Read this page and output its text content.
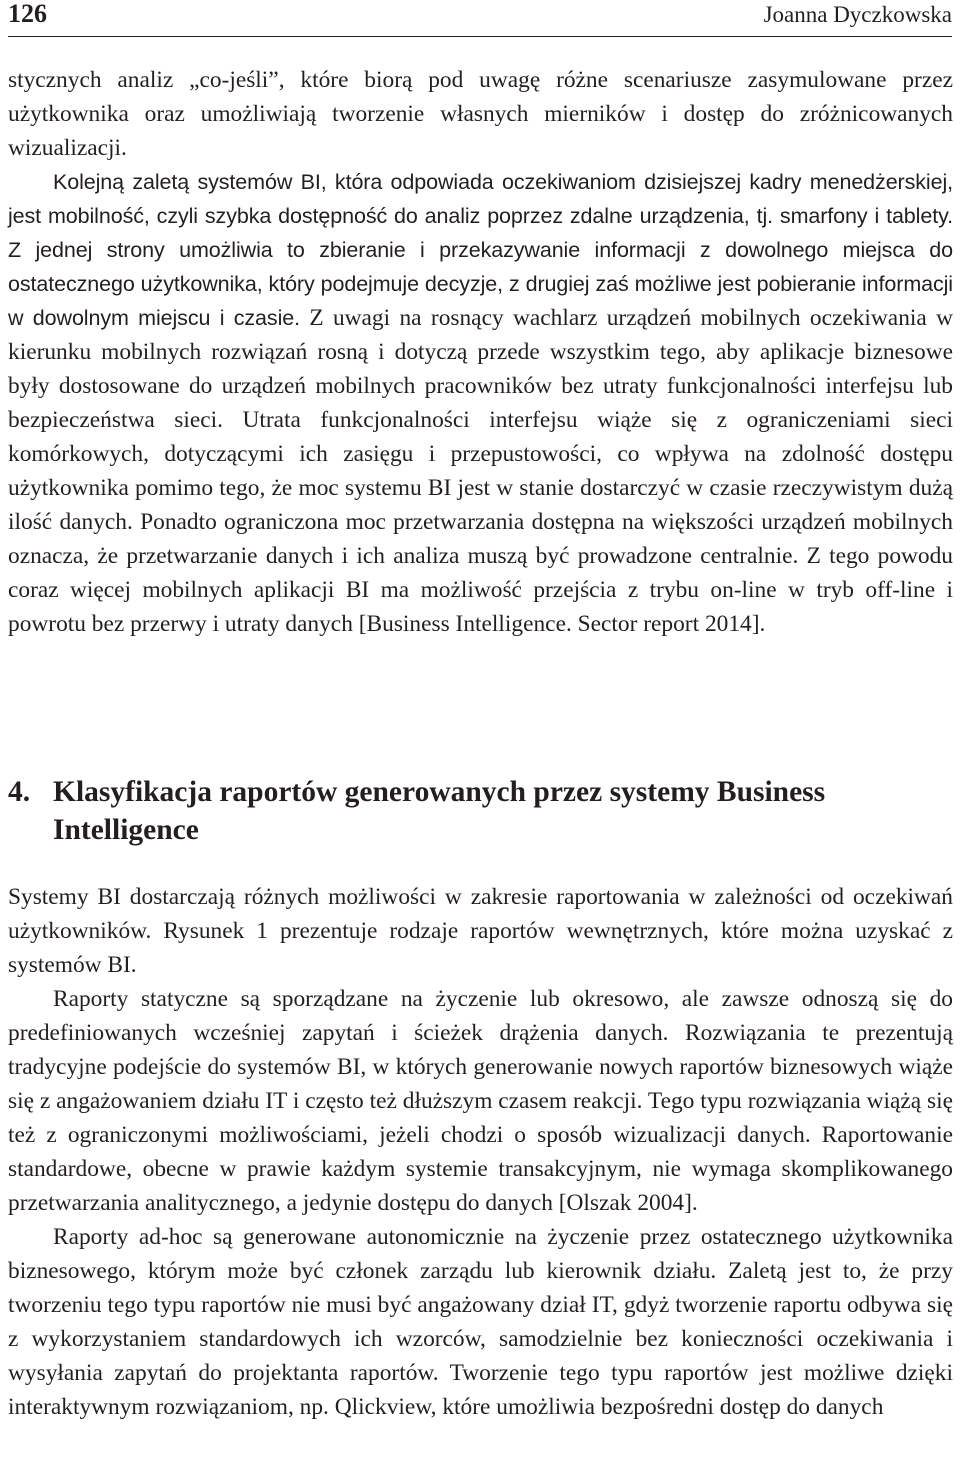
126	Joanna Dyczkowska

stycznych analiz „co-jeśli”, które biorą pod uwagę różne scenariusze zasymulowane przez użytkownika oraz umożliwiają tworzenie własnych mierników i dostęp do zróżnicowanych wizualizacji.

Kolejną zaletą systemów BI, która odpowiada oczekiwaniom dzisiejszej kadry menedżerskiej, jest mobilność, czyli szybka dostępność do analiz poprzez zdalne urządzenia, tj. smarfony i tablety. Z jednej strony umożliwia to zbieranie i przekazywanie informacji z dowolnego miejsca do ostatecznego użytkownika, który podejmuje decyzje, z drugiej zaś możliwe jest pobieranie informacji w dowolnym miejscu i czasie. Z uwagi na rosnący wachlarz urządzeń mobilnych oczekiwania w kierunku mobilnych rozwiązań rosną i dotyczą przede wszystkim tego, aby aplikacje biznesowe były dostosowane do urządzeń mobilnych pracowników bez utraty funkcjonalności interfejsu lub bezpieczeństwa sieci. Utrata funkcjonalności interfejsu wiąże się z ograniczeniami sieci komórkowych, dotyczącymi ich zasięgu i przepustowości, co wpływa na zdolność dostępu użytkownika pomimo tego, że moc systemu BI jest w stanie dostarczyć w czasie rzeczywistym dużą ilość danych. Ponadto ograniczona moc przetwarzania dostępna na większości urządzeń mobilnych oznacza, że przetwarzanie danych i ich analiza muszą być prowadzone centralnie. Z tego powodu coraz więcej mobilnych aplikacji BI ma możliwość przejścia z trybu on-line w tryb off-line i powrotu bez przerwy i utraty danych [Business Intelligence. Sector report 2014].

4. Klasyfikacja raportów generowanych przez systemy Business Intelligence

Systemy BI dostarczają różnych możliwości w zakresie raportowania w zależności od oczekiwań użytkowników. Rysunek 1 prezentuje rodzaje raportów wewnętrznych, które można uzyskać z systemów BI.

Raporty statyczne są sporządzane na życzenie lub okresowo, ale zawsze odnoszą się do predefiniowanych wcześniej zapytań i ścieżek drążenia danych. Rozwiązania te prezentują tradycyjne podejście do systemów BI, w których generowanie nowych raportów biznesowych wiąże się z angażowaniem działu IT i często też dłuższym czasem reakcji. Tego typu rozwiązania wiążą się też z ograniczonymi możliwościami, jeżeli chodzi o sposób wizualizacji danych. Raportowanie standardowe, obecne w prawie każdym systemie transakcyjnym, nie wymaga skomplikowanego przetwarzania analitycznego, a jedynie dostępu do danych [Olszak 2004].

Raporty ad-hoc są generowane autonomicznie na życzenie przez ostatecznego użytkownika biznesowego, którym może być członek zarządu lub kierownik działu. Zaletą jest to, że przy tworzeniu tego typu raportów nie musi być angażowany dział IT, gdyż tworzenie raportu odbywa się z wykorzystaniem standardowych ich wzorców, samodzielnie bez konieczności oczekiwania i wysyłania zapytań do projektanta raportów. Tworzenie tego typu raportów jest możliwe dzięki interaktywnym rozwiązaniom, np. Qlickview, które umożliwia bezpośredni dostęp do danych
